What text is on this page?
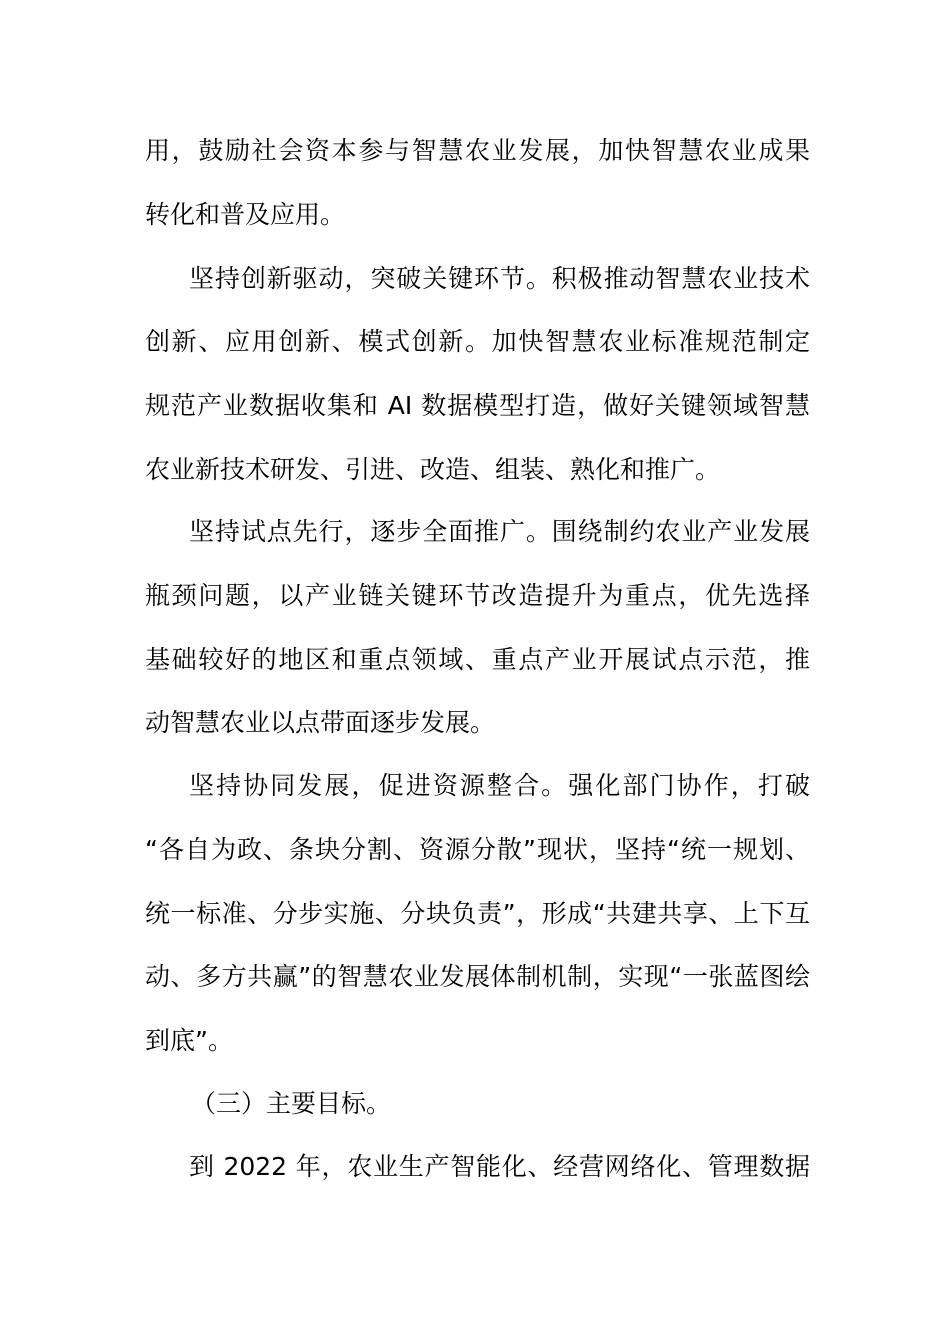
用，鼓励社会资本参与智慧农业发展，加快智慧农业成果
转化和普及应用。
坚持创新驱动，突破关键环节。积极推动智慧农业技术
创新、应用创新、模式创新。加快智慧农业标准规范制定
规范产业数据收集和 AI 数据模型打造，做好关键领域智慧
农业新技术研发、引进、改造、组装、熟化和推广。
坚持试点先行，逐步全面推广。围绕制约农业产业发展
瓶颈问题，以产业链关键环节改造提升为重点，优先选择
基础较好的地区和重点领域、重点产业开展试点示范，推
动智慧农业以点带面逐步发展。
坚持协同发展，促进资源整合。强化部门协作，打破
“各自为政、条块分割、资源分散”现状，坚持“统一规划、
统一标准、分步实施、分块负责”，形成“共建共享、上下互
动、多方共赢”的智慧农业发展体制机制，实现“一张蓝图绘
到底”。
（三）主要目标。
到 2022 年，农业生产智能化、经营网络化、管理数据
